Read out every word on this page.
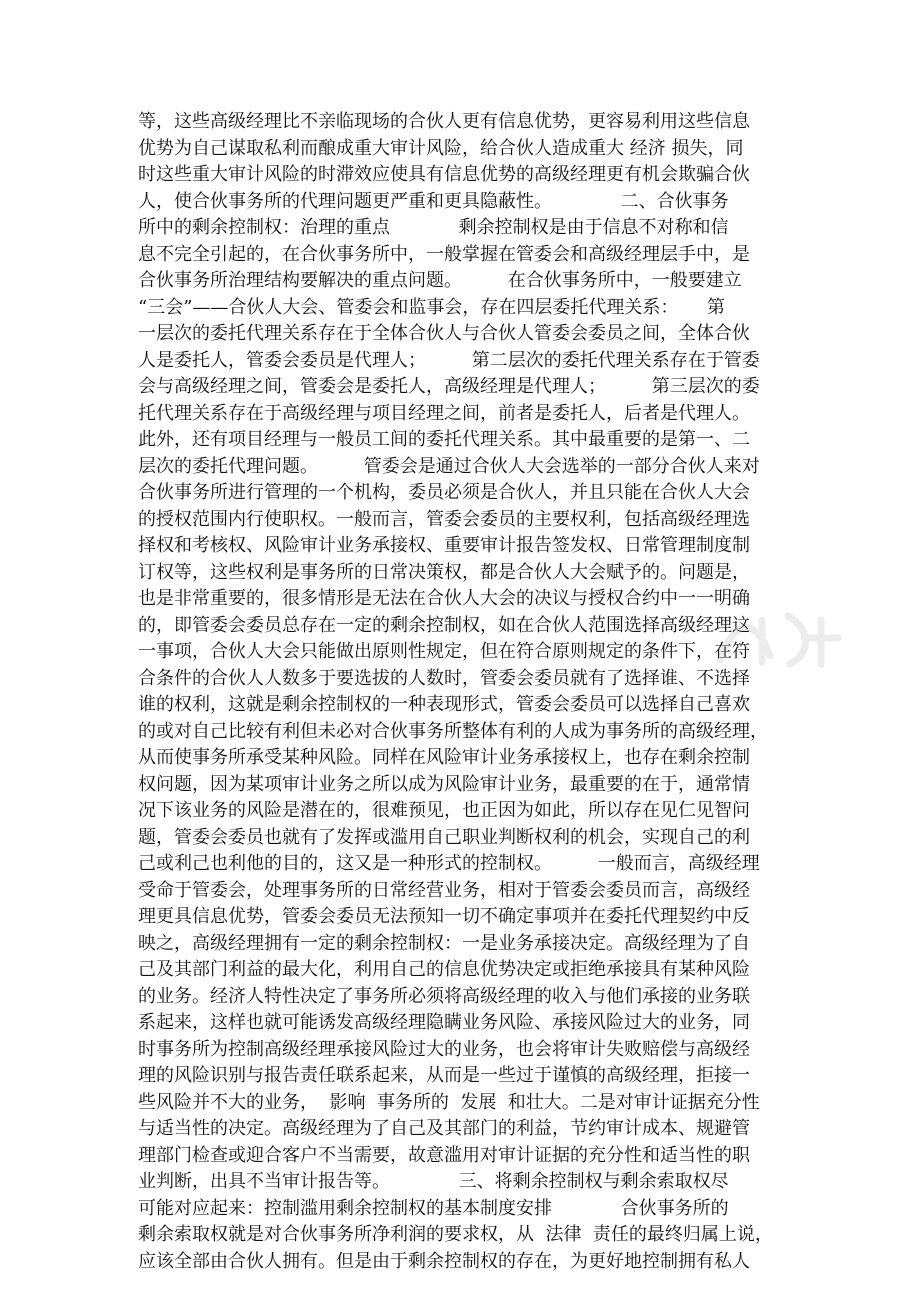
等，这些高级经理比不亲临现场的合伙人更有信息优势，更容易利用这些信息
优势为自己谋取私利而酿成重大审计风险，给合伙人造成重大 经济 损失，同
时这些重大审计风险的时滞效应使具有信息优势的高级经理更有机会欺骗合伙
人，使合伙事务所的代理问题更严重和更具隐蔽性。            二、合伙事务
所中的剩余控制权：治理的重点            剩余控制权是由于信息不对称和信
息不完全引起的，在合伙事务所中，一般掌握在管委会和高级经理层手中，是
合伙事务所治理结构要解决的重点问题。        在合伙事务所中，一般要建立
“三会”——合伙人大会、管委会和监事会，存在四层委托代理关系：     第
一层次的委托代理关系存在于全体合伙人与合伙人管委会委员之间，全体合伙
人是委托人，管委会委员是代理人；        第二层次的委托代理关系存在于管委
会与高级经理之间，管委会是委托人，高级经理是代理人；        第三层次的委
托代理关系存在于高级经理与项目经理之间，前者是委托人，后者是代理人。
此外，还有项目经理与一般员工间的委托代理关系。其中最重要的是第一、二
层次的委托代理问题。        管委会是通过合伙人大会选举的一部分合伙人来对
合伙事务所进行管理的一个机构，委员必须是合伙人，并且只能在合伙人大会
的授权范围内行使职权。一般而言，管委会委员的主要权利，包括高级经理选
择权和考核权、风险审计业务承接权、重要审计报告签发权、日常管理制度制
订权等，这些权利是事务所的日常决策权，都是合伙人大会赋予的。问题是，
也是非常重要的，很多情形是无法在合伙人大会的决议与授权合约中一一明确
的，即管委会委员总存在一定的剩余控制权，如在合伙人范围选择高级经理这
一事项，合伙人大会只能做出原则性规定，但在符合原则规定的条件下，在符
合条件的合伙人人数多于要选拔的人数时，管委会委员就有了选择谁、不选择
谁的权利，这就是剩余控制权的一种表现形式，管委会委员可以选择自己喜欢
的或对自己比较有利但未必对合伙事务所整体有利的人成为事务所的高级经理，
从而使事务所承受某种风险。同样在风险审计业务承接权上，也存在剩余控制
权问题，因为某项审计业务之所以成为风险审计业务，最重要的在于，通常情
况下该业务的风险是潜在的，很难预见，也正因为如此，所以存在见仁见智问
题，管委会委员也就有了发挥或滥用自己职业判断权利的机会，实现自己的利
己或利己也利他的目的，这又是一种形式的控制权。        一般而言，高级经理
受命于管委会，处理事务所的日常经营业务，相对于管委会委员而言，高级经
理更具信息优势，管委会委员无法预知一切不确定事项并在委托代理契约中反
映之，高级经理拥有一定的剩余控制权：一是业务承接决定。高级经理为了自
己及其部门利益的最大化，利用自己的信息优势决定或拒绝承接具有某种风险
的业务。经济人特性决定了事务所必须将高级经理的收入与他们承接的业务联
系起来，这样也就可能诱发高级经理隐瞒业务风险、承接风险过大的业务，同
时事务所为控制高级经理承接风险过大的业务，也会将审计失败赔偿与高级经
理的风险识别与报告责任联系起来，从而是一些过于谨慎的高级经理，拒接一
些风险并不大的业务，  影响  事务所的  发展  和壮大。二是对审计证据充分性
与适当性的决定。高级经理为了自己及其部门的利益，节约审计成本、规避管
理部门检查或迎合客户不当需要，故意滥用对审计证据的充分性和适当性的职
业判断，出具不当审计报告等。            三、将剩余控制权与剩余索取权尽
可能对应起来：控制滥用剩余控制权的基本制度安排            合伙事务所的
剩余索取权就是对合伙事务所净利润的要求权，从  法律  责任的最终归属上说，
应该全部由合伙人拥有。但是由于剩余控制权的存在，为更好地控制拥有私人
